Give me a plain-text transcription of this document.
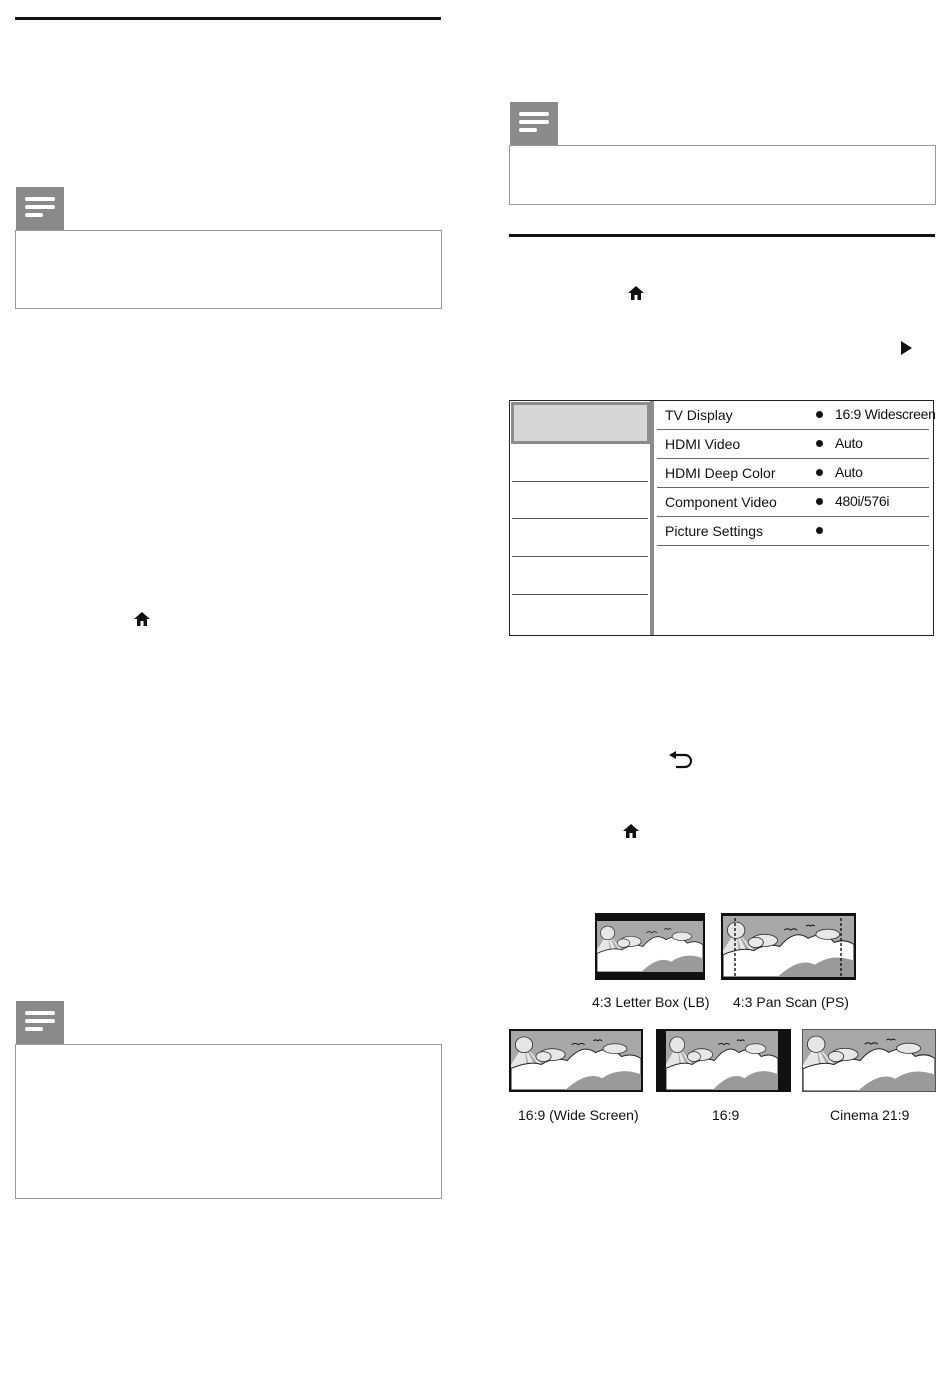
TV Display	16:9 Widescreen
HDMI Video	Auto
HDMI Deep Color	Auto
Component Video	480i/576i
Picture Settings
4:3 Letter Box (LB) 4:3 Pan Scan (PS)
16:9 (Wide Screen)	16:9	Cinema 21:9
